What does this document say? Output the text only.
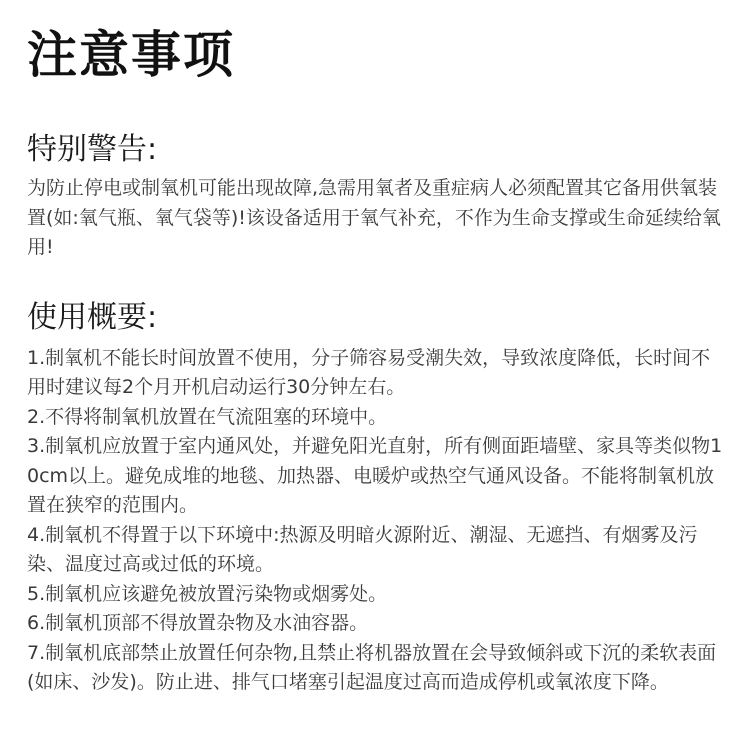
注意事项
特别警告:

为防止停电或制氧机可能出现故障,急需用氧者及重症病人必须配置其它备用供氧装置(如:氧气瓶、氧气袋等)!该设备适用于氧气补充，不作为生命支撑或生命延续给氧用!

使用概要:

1.制氧机不能长时间放置不使用，分子筛容易受潮失效，导致浓度降低，长时间不用时建议每2个月开机启动运行30分钟左右。

2.不得将制氧机放置在气流阻塞的环境中。

3.制氧机应放置于室内通风处，并避免阳光直射，所有侧面距墙壁、家具等类似物10cm以上。避免成堆的地毯、加热器、电暖炉或热空气通风设备。不能将制氧机放置在狭窄的范围内。

4.制氧机不得置于以下环境中:热源及明暗火源附近、潮湿、无遮挡、有烟雾及污染、温度过高或过低的环境。

5.制氧机应该避免被放置污染物或烟雾处。

6.制氧机顶部不得放置杂物及水油容器。

7.制氧机底部禁止放置任何杂物,且禁止将机器放置在会导致倾斜或下沉的柔软表面(如床、沙发)。防止进、排气口堵塞引起温度过高而造成停机或氧浓度下降。
